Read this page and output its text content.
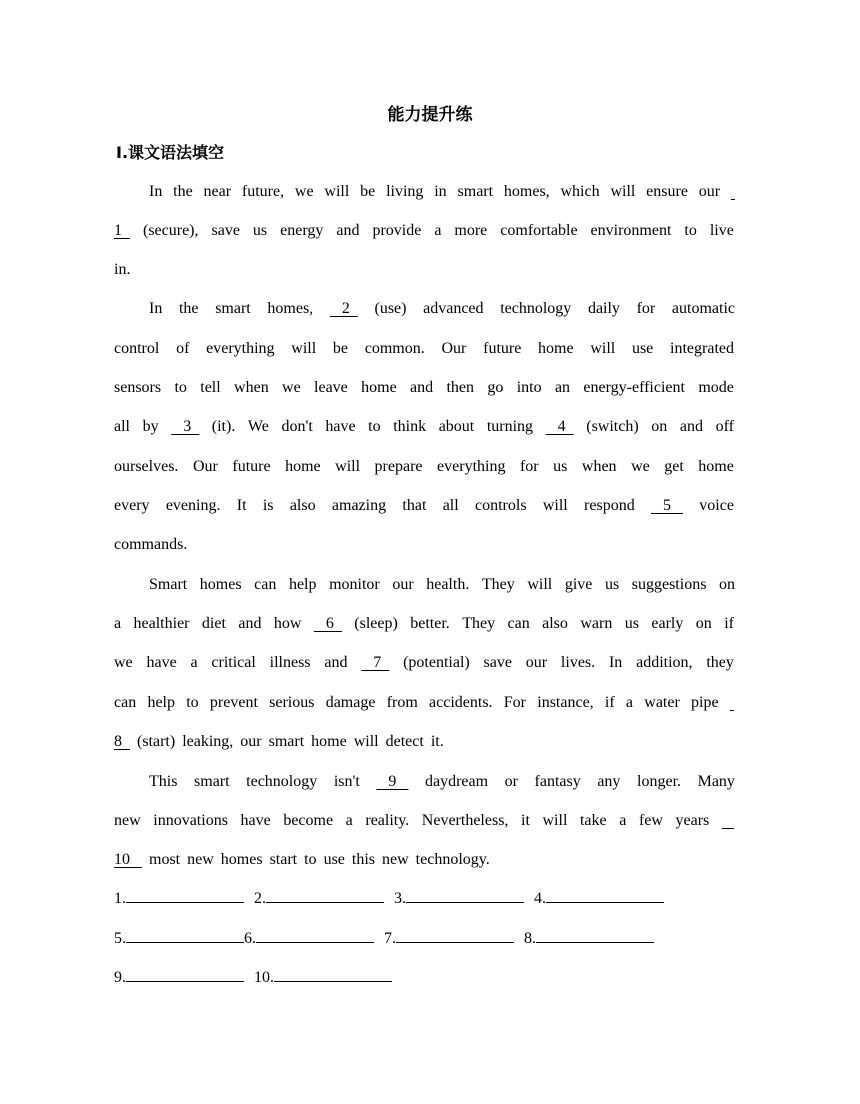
能力提升练
Ⅰ.课文语法填空
In the near future, we will be living in smart homes, which will ensure our

1 (secure), save us energy and provide a more comfortable environment to live
in.
In the smart homes, 2 (use) advanced technology daily for automatic
control of everything will be common. Our future home will use integrated
sensors to tell when we leave home and then go into an energy-efficient mode
all by 3 (it). We don't have to think about turning 4 (switch) on and off
ourselves. Our future home will prepare everything for us when we get home
every evening. It is also amazing that all controls will respond 5 voice
commands.
Smart homes can help monitor our health. They will give us suggestions on
a healthier diet and how 6 (sleep) better. They can also warn us early on if
we have a critical illness and 7 (potential) save our lives. In addition, they
can help to prevent serious damage from accidents. For instance, if a water pipe

8 (start) leaking, our smart home will detect it.
This smart technology isn't 9 daydream or fantasy any longer. Many
new innovations have become a reality. Nevertheless, it will take a few years

10 most new homes start to use this new technology.
1.	2.	3.	4.
5.	6.	7.	8.
9.	10.
